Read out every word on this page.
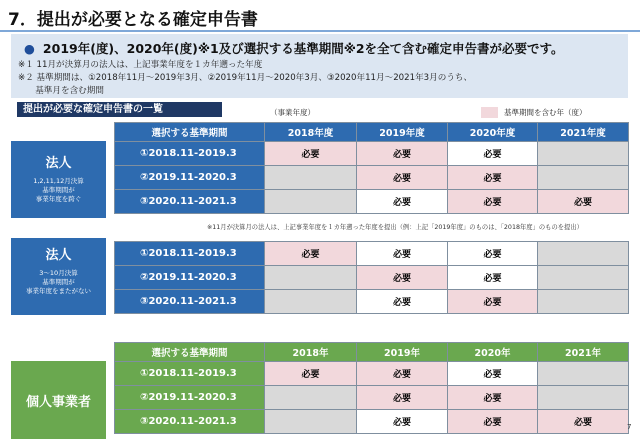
7．提出が必要となる確定申告書
● 2019年(度)、2020年(度)※1及び選択する基準期間※2を全て含む確定申告書が必要です。
※１ 11月が決算月の法人は、上記事業年度を１カ年遡った年度
※２ 基準期間は、①2018年11月～2019年3月、②2019年11月～2020年3月、③2020年11月～2021年3月のうち、
　　基準月を含む期間
提出が必要な確定申告書の一覧	（事業年度）	基準期間を含む年（度）
法人
1,2,11,12月決算
基準期間が
事業年度を跨ぐ
選択する基準期間	2018年度	2019年度	2020年度	2021年度
①2018.11-2019.3	必要	必要	必要	
②2019.11-2020.3		必要	必要	
③2020.11-2021.3		必要	必要	必要
※11月が決算月の法人は、上記事業年度を１カ年遡った年度を提出（例：上記「2019年度」のものは、「2018年度」のものを提出）
法人
3～10月決算
基準期間が
事業年度をまたがない
①2018.11-2019.3	必要	必要	必要	
②2019.11-2020.3		必要	必要	
③2020.11-2021.3		必要	必要	
個人事業者
選択する基準期間	2018年	2019年	2020年	2021年
①2018.11-2019.3	必要	必要	必要	
②2019.11-2020.3		必要	必要	
③2020.11-2021.3		必要	必要	必要	7
